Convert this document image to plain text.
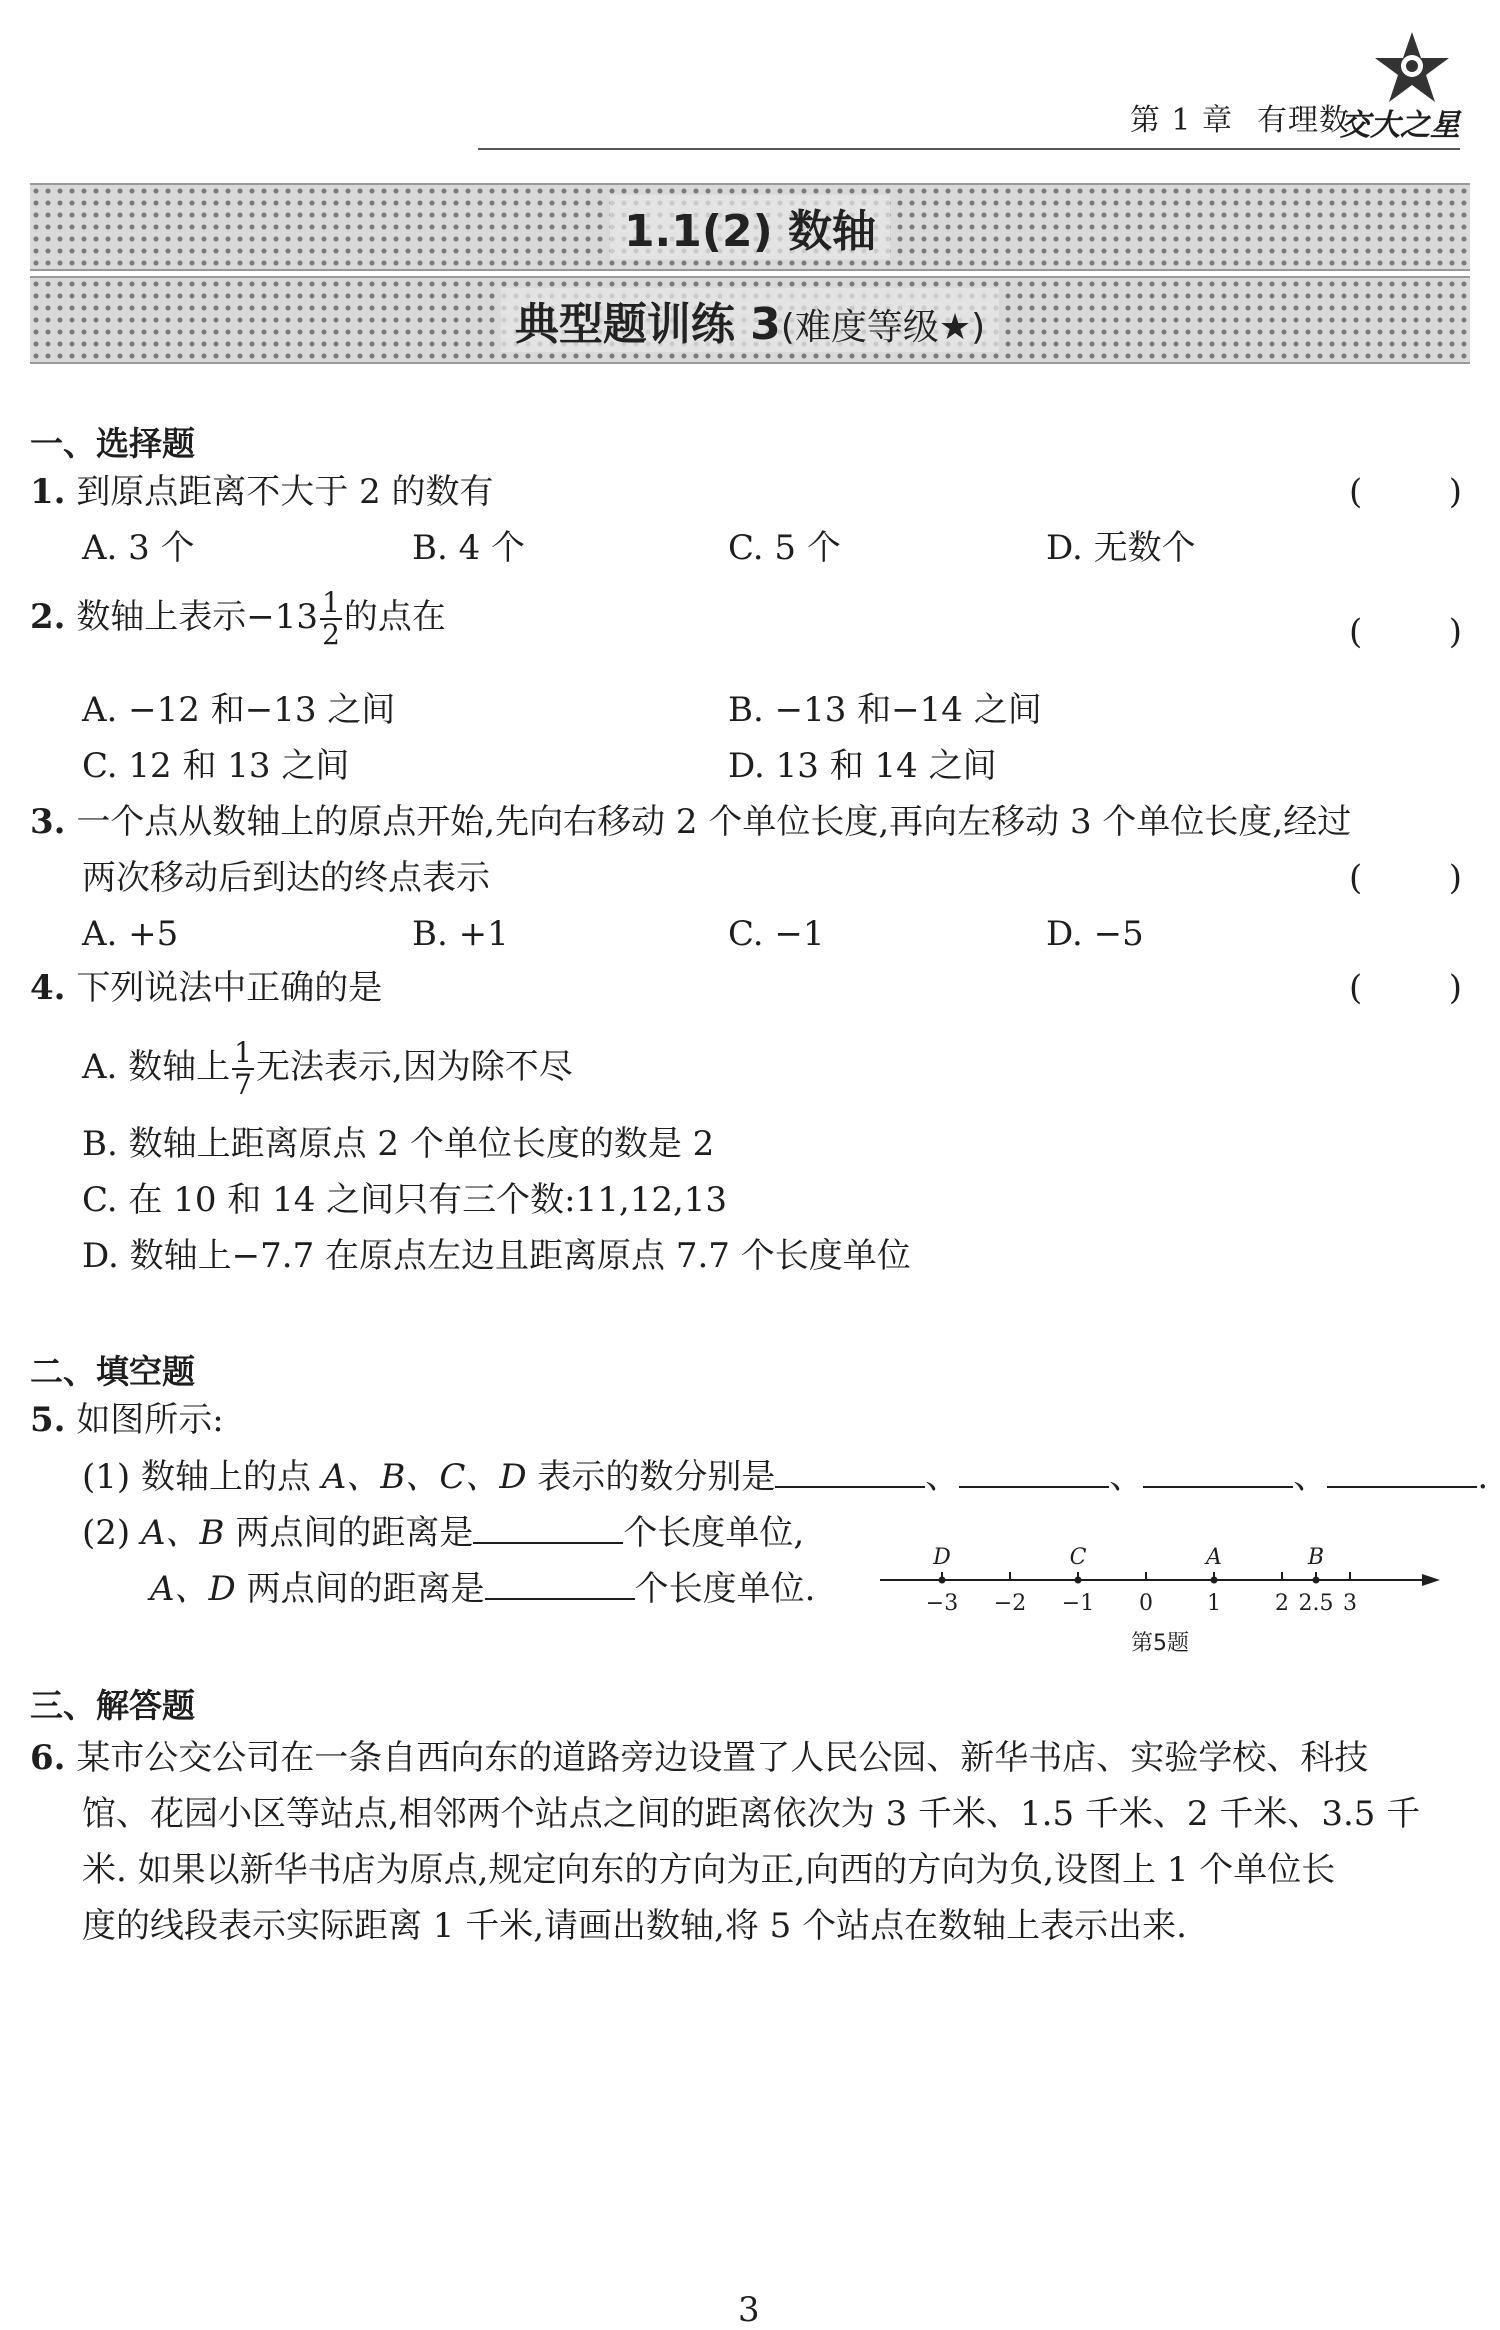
第 1 章 有理数
交大之星
1.1(2) 数轴
典型题训练 3(难度等级★)
一、选择题
1. 到原点距离不大于 2 的数有	(        )
A. 3 个	B. 4 个	C. 5 个	D. 无数个
2. 数轴上表示$-13 \frac{1}{2}$ 的点在	(        )
A. −12 和−13 之间	B. −13 和−14 之间
C. 12 和 13 之间	D. 13 和 14 之间
3. 一个点从数轴上的原点开始,先向右移动 2 个单位长度,再向左移动 3 个单位长度,经过
两次移动后到达的终点表示	(        )
A. +5	B. +1	C. −1	D. −5
4. 下列说法中正确的是	(        )
A. 数轴上 $\frac{1}{7}$ 无法表示,因为除不尽
B. 数轴上距离原点 2 个单位长度的数是 2
C. 在 10 和 14 之间只有三个数:11,12,13
D. 数轴上−7.7 在原点左边且距离原点 7.7 个长度单位
二、填空题
5. 如图所示:
(1) 数轴上的点 A、B、C、D 表示的数分别是	、	、	、	.
(2) A、B 两点间的距离是	个长度单位,
A、D 两点间的距离是	个长度单位.	−3 −2 −1 0 1 2 2.5 3
D	C	A	B
第5题
三、解答题
6. 某市公交公司在一条自西向东的道路旁边设置了人民公园、新华书店、实验学校、科技
馆、花园小区等站点,相邻两个站点之间的距离依次为 3 千米、1.5 千米、2 千米、3.5 千
米. 如果以新华书店为原点,规定向东的方向为正,向西的方向为负,设图上 1 个单位长
度的线段表示实际距离 1 千米,请画出数轴,将 5 个站点在数轴上表示出来.
3
